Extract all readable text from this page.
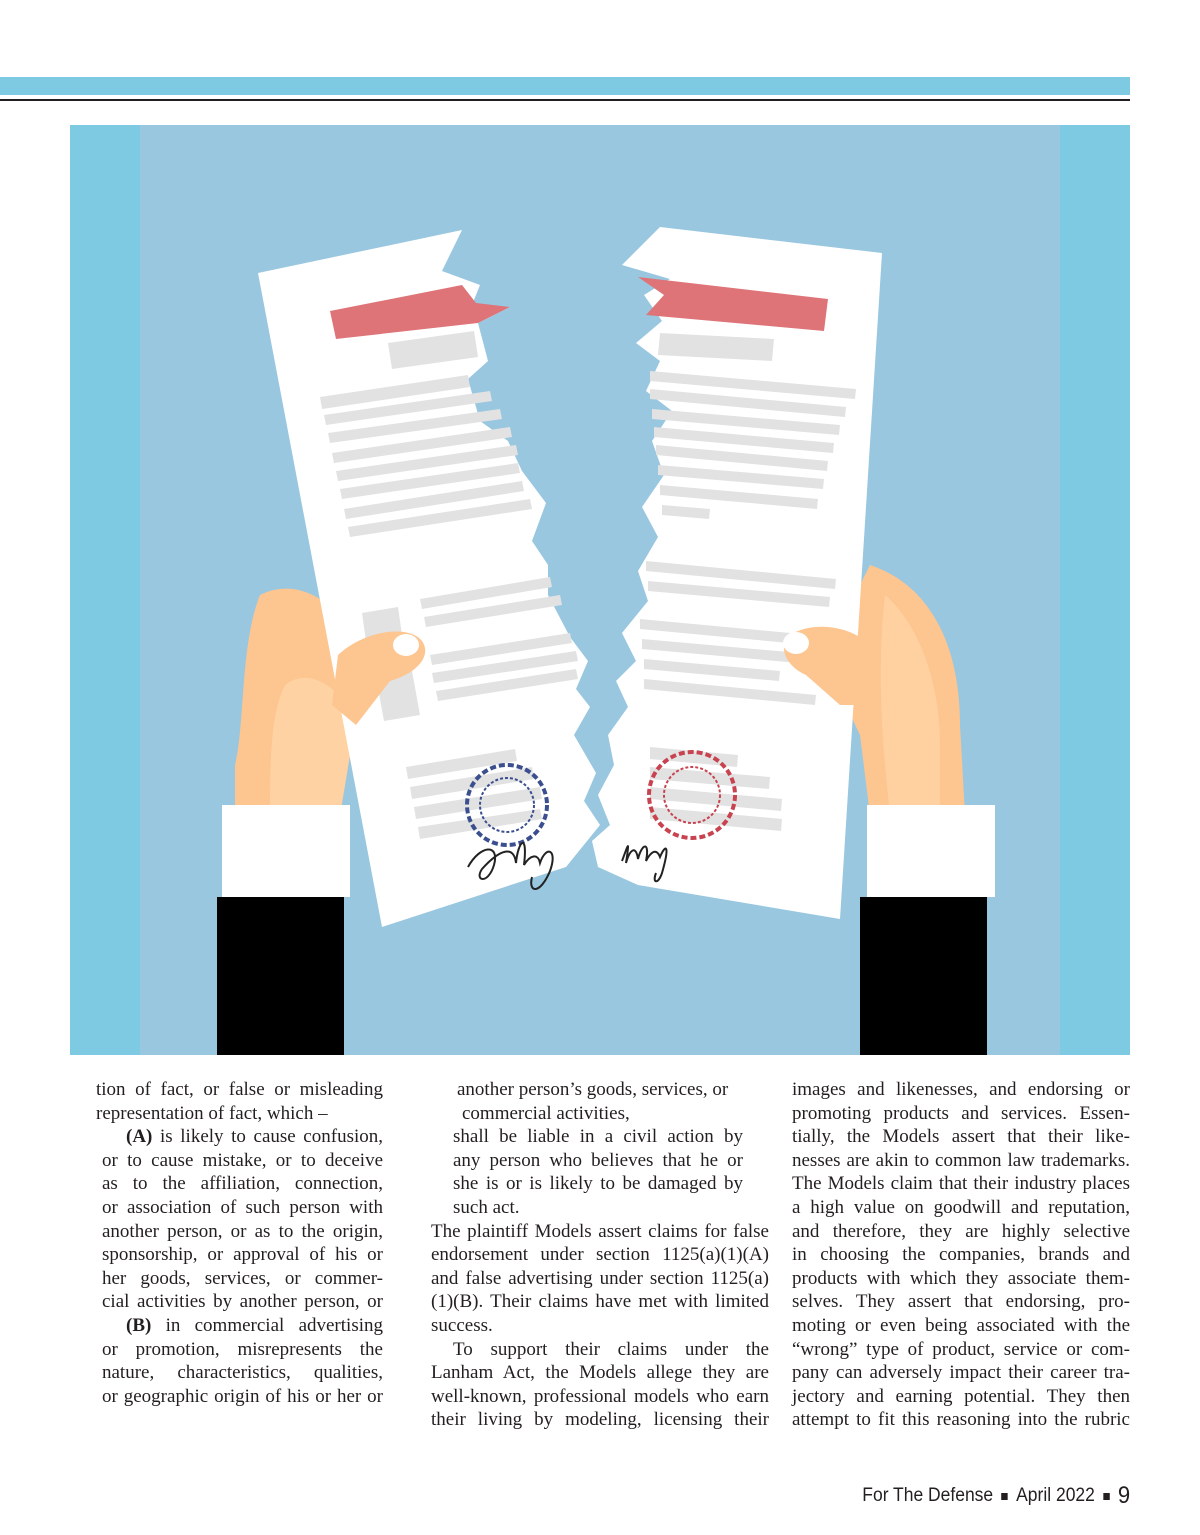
tion of fact, or false or misleading

representation of fact, which –

(A) is likely to cause confusion,

or to cause mistake, or to deceive

as to the affiliation, connection,

or association of such person with

another person, or as to the origin,

sponsorship, or approval of his or

her goods, services, or commer-

cial activities by another person, or

(B) in commercial advertising

or promotion, misrepresents the

nature, characteristics, qualities,

or geographic origin of his or her or

another person’s goods, services, or

commercial activities,

shall be liable in a civil action by

any person who believes that he or

she is or is likely to be damaged by

such act.

The plaintiff Models assert claims for false

endorsement under section 1125(a)(1)(A)

and false advertising under section 1125(a)

(1)(B). Their claims have met with limited

success.

To support their claims under the

Lanham Act, the Models allege they are

well-known, professional models who earn

their living by modeling, licensing their

images and likenesses, and endorsing or

promoting products and services. Essen-

tially, the Models assert that their like-

nesses are akin to common law trademarks.

The Models claim that their industry places

a high value on goodwill and reputation,

and therefore, they are highly selective

in choosing the companies, brands and

products with which they associate them-

selves. They assert that endorsing, pro-

moting or even being associated with the

“wrong” type of product, service or com-

pany can adversely impact their career tra-

jectory and earning potential. They then

attempt to fit this reasoning into the rubric

For The Defense April 2022 9
